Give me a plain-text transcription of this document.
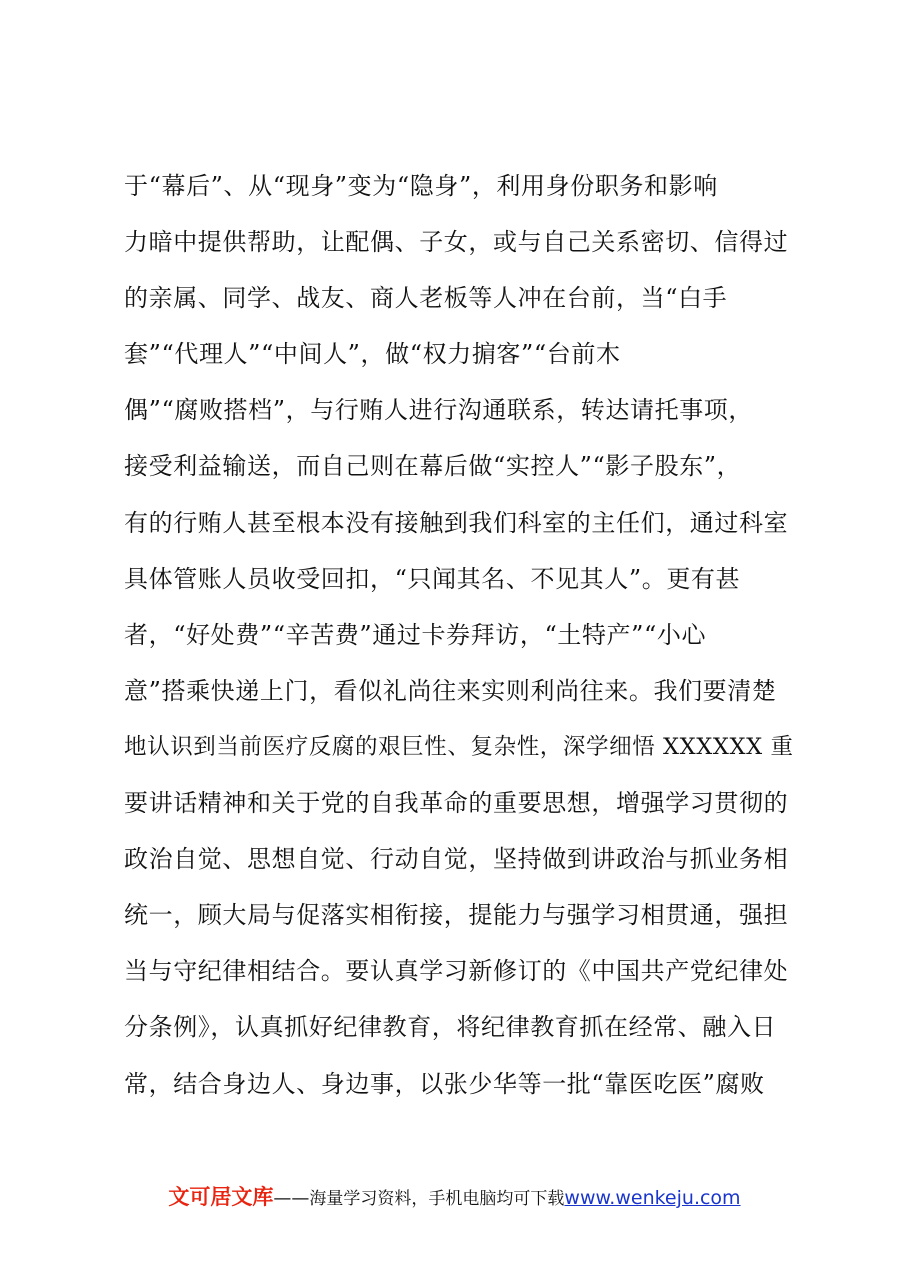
于“幕后”、从“现身”变为“隐身”，利用身份职务和影响
力暗中提供帮助，让配偶、子女，或与自己关系密切、信得过
的亲属、同学、战友、商人老板等人冲在台前，当“白手
套”“代理人”“中间人”，做“权力掮客”“台前木
偶”“腐败搭档”，与行贿人进行沟通联系，转达请托事项，
接受利益输送，而自己则在幕后做“实控人”“影子股东”，
有的行贿人甚至根本没有接触到我们科室的主任们，通过科室
具体管账人员收受回扣，“只闻其名、不见其人”。更有甚
者，“好处费”“辛苦费”通过卡券拜访，“土特产”“小心
意”搭乘快递上门，看似礼尚往来实则利尚往来。我们要清楚
地认识到当前医疗反腐的艰巨性、复杂性，深学细悟 XXXXXX 重
要讲话精神和关于党的自我革命的重要思想，增强学习贯彻的
政治自觉、思想自觉、行动自觉，坚持做到讲政治与抓业务相
统一，顾大局与促落实相衔接，提能力与强学习相贯通，强担
当与守纪律相结合。要认真学习新修订的《中国共产党纪律处
分条例》，认真抓好纪律教育，将纪律教育抓在经常、融入日
常，结合身边人、身边事，以张少华等一批“靠医吃医”腐败
文可居文库——海量学习资料，手机电脑均可下载www.wenkeju.com
